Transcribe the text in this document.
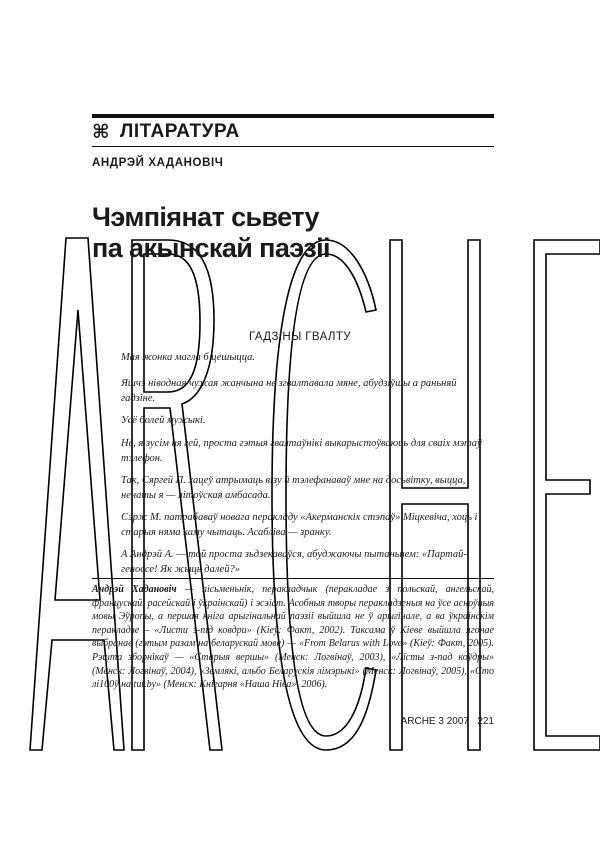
⌘ ЛІТАРАТУРА
АНДРЭЙ ХАДАНОВІЧ
Чэмпіянат сьвету
па акынскай паэзіі
ГАДЗІНЫ ГВАЛТУ

Мая жонка магла б цешыцца.

Яшчэ ніводная чужая жанчына не згвалтавала мяне, абудзіўшы а раньняй гадзіне.

Усё болей мужыкі.

Не, я зусім ня гей, проста гэтыя гвалтаўнікі выкарыстоўваюць для сваіх мэтаў тэлефон.

Так, Сяргей П. хацеў атрымаць візу й тэлефанаваў мне на досьвітку, выцца, ненаты я — літоўская амбасада.

Сэрж М. патрабаваў новага перакладу «Акерманскіх стэпаў» Міцкевіча, хоць і старыя няма каму чытаць. Асабліва — зранку.

А Андрэй А. — той проста зьдзекаваўся, абуджаючы пытаньнем: «Партай-геноссе! Як жыць далей?»

Андрэй Хадановіч — пісьменьнік, перакладчык (перакладае з польскай, ангельскай, францускай, расейскай і ўкраінскай) і эсэіст. Асобныя творы перакладзеныя на ўсе асноўныя мовы Эўропы, а першая кніга арыгінальнай паэзіі выйшла не ў арыгінале, а ва ўкраінскім перакладзе – «Листи з-під ковдри» (Кіеў: Факт, 2002). Таксама ў Кіеве выйшла ягонае выбранае (гэтым разам на беларускай мове) — «From Belarus with Love» (Кіеў: Факт, 2005). Рэшта зборнікаў — «Старыя вершы» (Менск: Логвінаў, 2003), «Лісты з-пад коўдры» (Менск: Логвінаў, 2004), «Землякі, альбо Беларускія лімэрыкі» (Менск: Логвінаў, 2005), «Сто лі100ў на tut.by» (Менск: Кнігарня «Наша Ніва», 2006).

ARCHE 3 2007 221
